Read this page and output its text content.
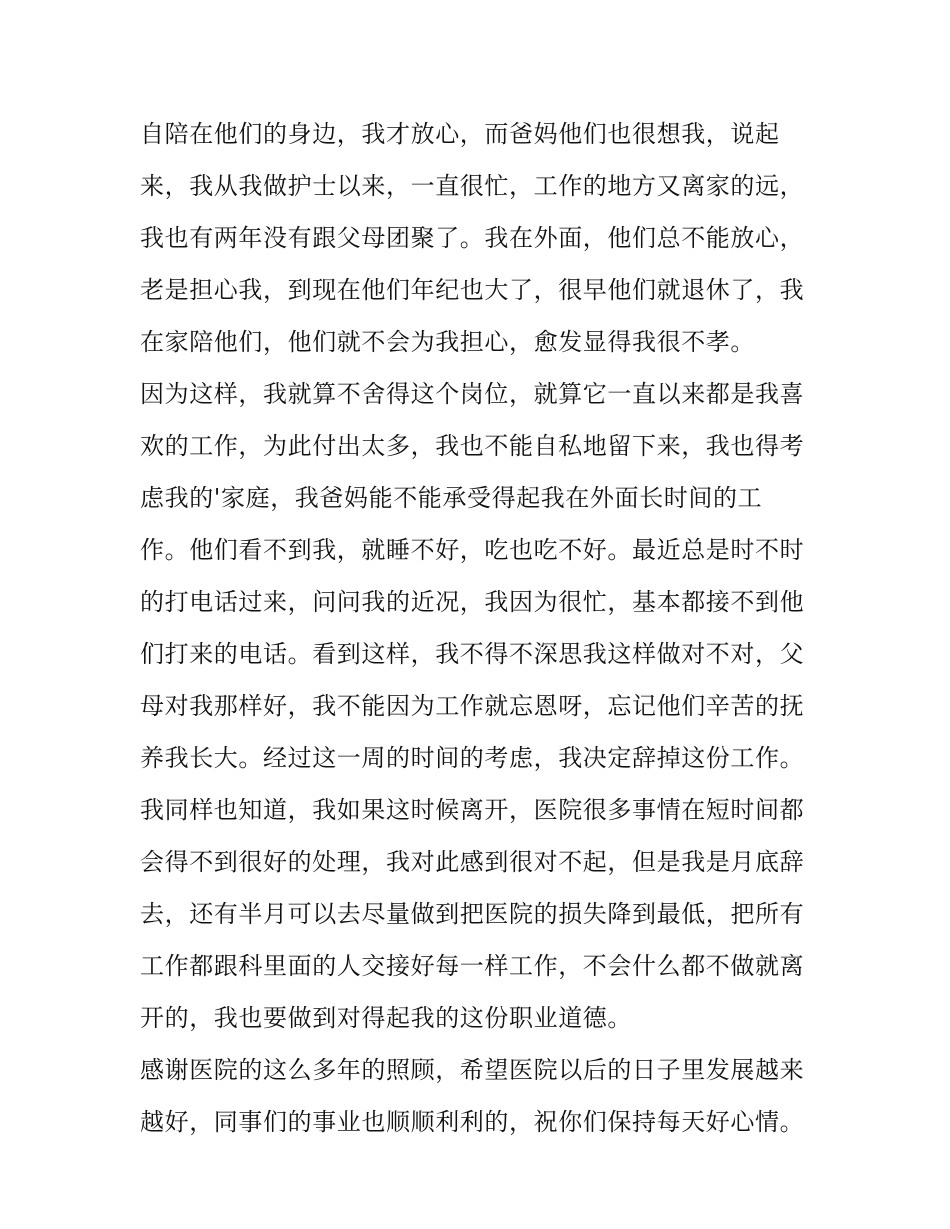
自陪在他们的身边，我才放心，而爸妈他们也很想我，说起
来，我从我做护士以来，一直很忙，工作的地方又离家的远，
我也有两年没有跟父母团聚了。我在外面，他们总不能放心，
老是担心我，到现在他们年纪也大了，很早他们就退休了，我
在家陪他们，他们就不会为我担心，愈发显得我很不孝。
因为这样，我就算不舍得这个岗位，就算它一直以来都是我喜
欢的工作，为此付出太多，我也不能自私地留下来，我也得考
虑我的'家庭，我爸妈能不能承受得起我在外面长时间的工
作。他们看不到我，就睡不好，吃也吃不好。最近总是时不时
的打电话过来，问问我的近况，我因为很忙，基本都接不到他
们打来的电话。看到这样，我不得不深思我这样做对不对，父
母对我那样好，我不能因为工作就忘恩呀，忘记他们辛苦的抚
养我长大。经过这一周的时间的考虑，我决定辞掉这份工作。
我同样也知道，我如果这时候离开，医院很多事情在短时间都
会得不到很好的处理，我对此感到很对不起，但是我是月底辞
去，还有半月可以去尽量做到把医院的损失降到最低，把所有
工作都跟科里面的人交接好每一样工作，不会什么都不做就离
开的，我也要做到对得起我的这份职业道德。
感谢医院的这么多年的照顾，希望医院以后的日子里发展越来
越好，同事们的事业也顺顺利利的，祝你们保持每天好心情。
